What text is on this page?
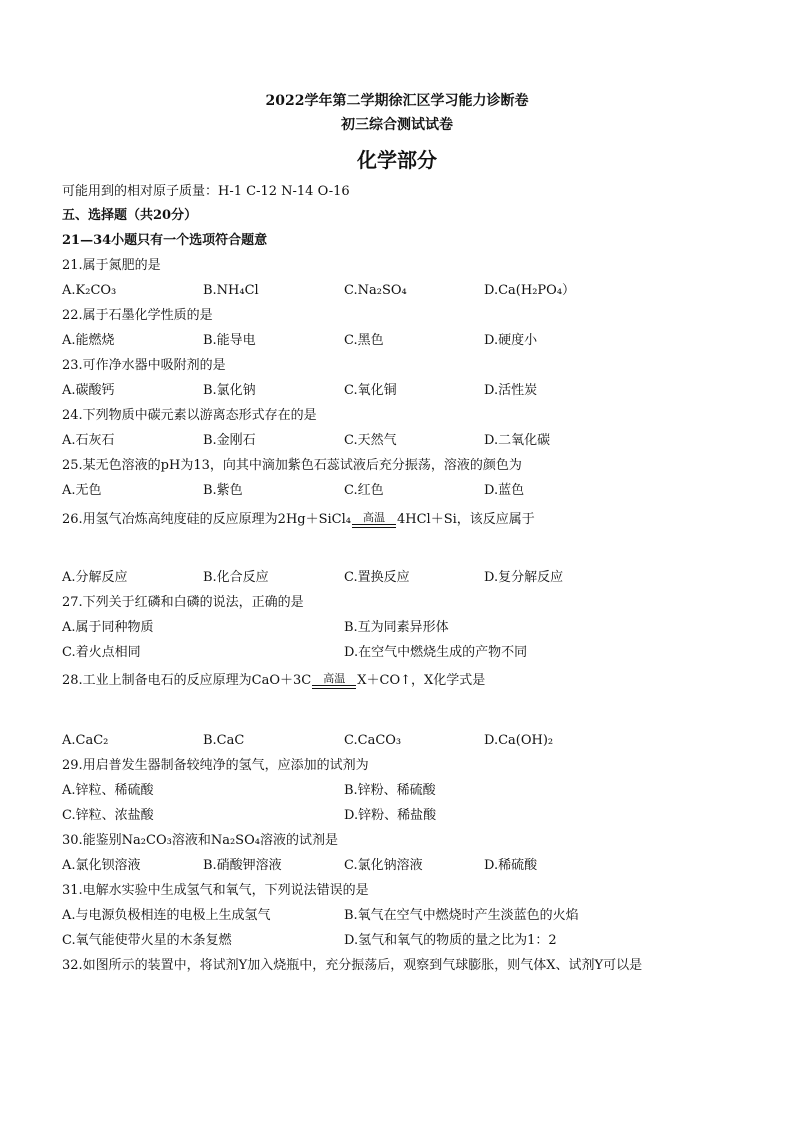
2022学年第二学期徐汇区学习能力诊断卷
初三综合测试试卷
化学部分
可能用到的相对原子质量：H-1 C-12 N-14 O-16
五、选择题（共20分）
21—34小题只有一个选项符合题意
21.属于氮肥的是
A.K₂CO₃	B.NH₄Cl	C.Na₂SO₄	D.Ca(H₂PO₄）
22.属于石墨化学性质的是
A.能燃烧	B.能导电	C.黑色	D.硬度小
23.可作净水器中吸附剂的是
A.碳酸钙	B.氯化钠	C.氧化铜	D.活性炭
24.下列物质中碳元素以游离态形式存在的是
A.石灰石	B.金刚石	C.天然气	D.二氧化碳
25.某无色溶液的pH为13，向其中滴加紫色石蕊试液后充分振荡，溶液的颜色为
A.无色	B.紫色	C.红色	D.蓝色
26.用氢气冶炼高纯度硅的反应原理为2Hg＋SiCl₄	高温 4HCl＋Si，该反应属于
A.分解反应	B.化合反应	C.置换反应	D.复分解反应
27.下列关于红磷和白磷的说法，正确的是
A.属于同种物质	B.互为同素异形体
C.着火点相同	D.在空气中燃烧生成的产物不同
28.工业上制备电石的反应原理为CaO＋3C	高温 X＋CO↑，X化学式是
A.CaC₂	B.CaC	C.CaCO₃	D.Ca(OH)₂
29.用启普发生器制备较纯净的氢气，应添加的试剂为
A.锌粒、稀硫酸	B.锌粉、稀硫酸
C.锌粒、浓盐酸	D.锌粉、稀盐酸
30.能鉴别Na₂CO₃溶液和Na₂SO₄溶液的试剂是
A.氯化钡溶液	B.硝酸钾溶液	C.氯化钠溶液	D.稀硫酸
31.电解水实验中生成氢气和氧气，下列说法错误的是
A.与电源负极相连的电极上生成氢气	B.氧气在空气中燃烧时产生淡蓝色的火焰
C.氧气能使带火星的木条复燃	D.氢气和氧气的物质的量之比为1：2
32.如图所示的装置中，将试剂Y加入烧瓶中，充分振荡后，观察到气球膨胀，则气体X、试剂Y可以是
